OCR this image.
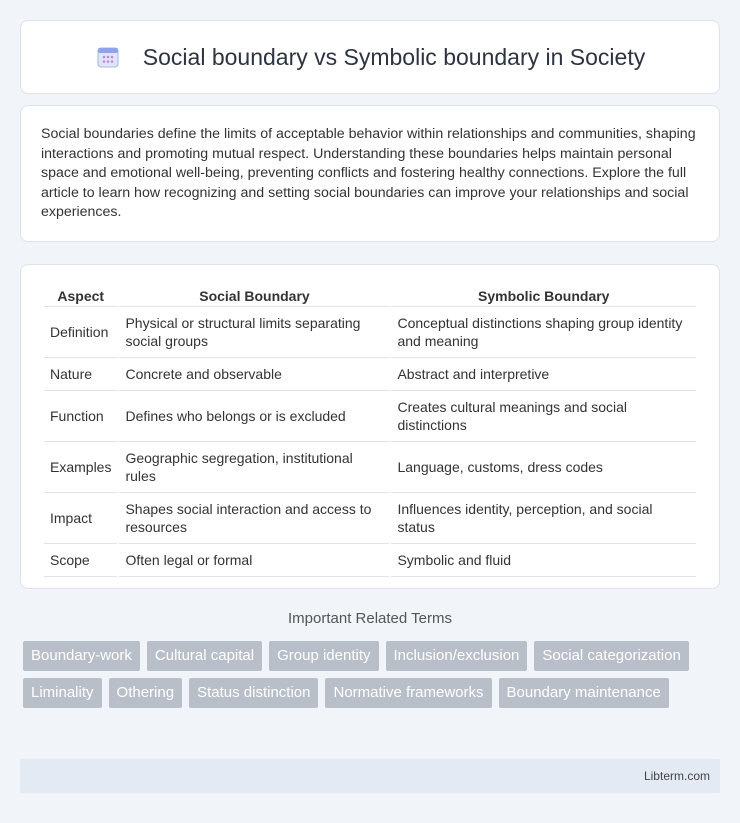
Social boundary vs Symbolic boundary in Society

Social boundaries define the limits of acceptable behavior within relationships and communities, shaping interactions and promoting mutual respect. Understanding these boundaries helps maintain personal space and emotional well-being, preventing conflicts and fostering healthy connections. Explore the full article to learn how recognizing and setting social boundaries can improve your relationships and social experiences.

Aspect	Social Boundary	Symbolic Boundary
Definition	Physical or structural limits separating social groups	Conceptual distinctions shaping group identity and meaning
Nature	Concrete and observable	Abstract and interpretive
Function	Defines who belongs or is excluded	Creates cultural meanings and social distinctions
Examples	Geographic segregation, institutional rules	Language, customs, dress codes
Impact	Shapes social interaction and access to resources	Influences identity, perception, and social status
Scope	Often legal or formal	Symbolic and fluid
Important Related Terms
Boundary-work	Cultural capital	Group identity	Inclusion/exclusion	Social categorization
Liminality	Othering	Status distinction	Normative frameworks	Boundary maintenance
Libterm.com
